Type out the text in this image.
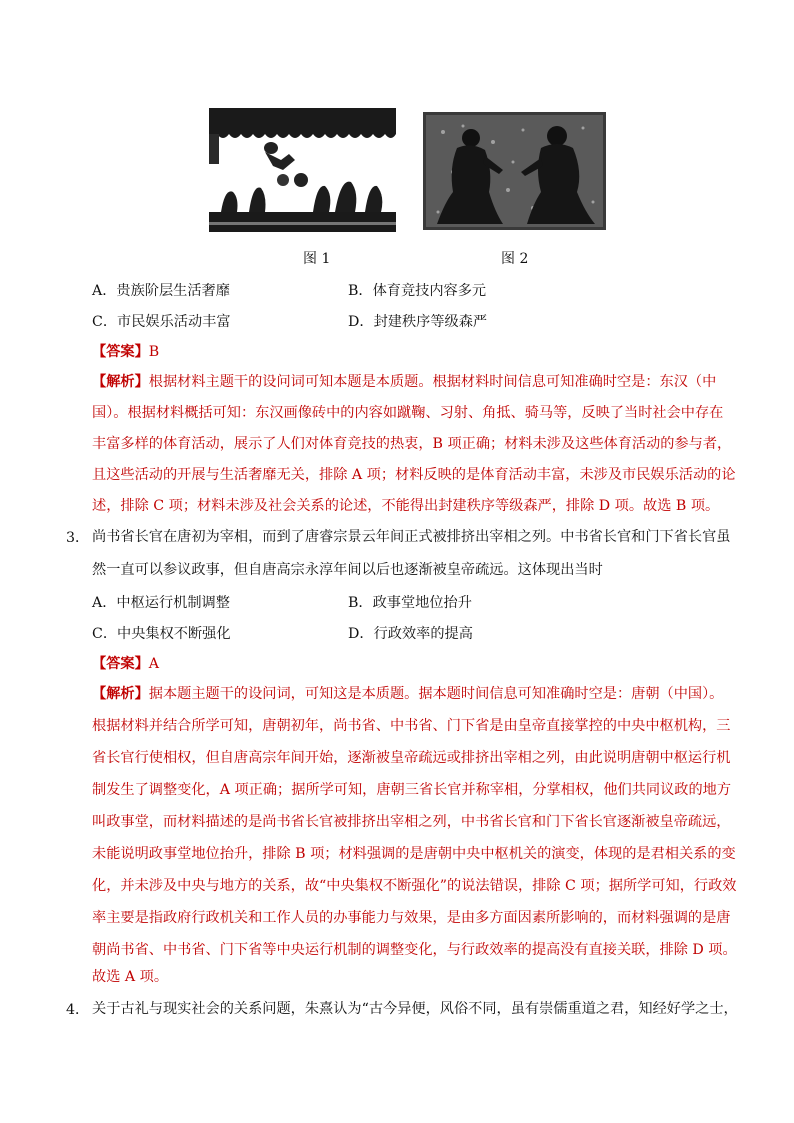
图 1	图 2
A．贵族阶层生活奢靡	B．体育竞技内容多元
C．市民娱乐活动丰富	D．封建秩序等级森严
【答案】B
【解析】根据材料主题干的设问词可知本题是本质题。根据材料时间信息可知准确时空是：东汉（中
国）。根据材料概括可知：东汉画像砖中的内容如蹴鞠、习射、角抵、骑马等，反映了当时社会中存在
丰富多样的体育活动，展示了人们对体育竞技的热衷，B 项正确；材料未涉及这些体育活动的参与者，
且这些活动的开展与生活奢靡无关，排除 A 项；材料反映的是体育活动丰富，未涉及市民娱乐活动的论
述，排除 C 项；材料未涉及社会关系的论述，不能得出封建秩序等级森严，排除 D 项。故选 B 项。
3． 尚书省长官在唐初为宰相，而到了唐睿宗景云年间正式被排挤出宰相之列。中书省长官和门下省长官虽
然一直可以参议政事，但自唐高宗永淳年间以后也逐渐被皇帝疏远。这体现出当时
A．中枢运行机制调整	B．政事堂地位抬升
C．中央集权不断强化	D．行政效率的提高
【答案】A
【解析】据本题主题干的设问词，可知这是本质题。据本题时间信息可知准确时空是：唐朝（中国）。
根据材料并结合所学可知，唐朝初年，尚书省、中书省、门下省是由皇帝直接掌控的中央中枢机构，三
省长官行使相权，但自唐高宗年间开始，逐渐被皇帝疏远或排挤出宰相之列，由此说明唐朝中枢运行机
制发生了调整变化，A 项正确；据所学可知，唐朝三省长官并称宰相，分掌相权，他们共同议政的地方
叫政事堂，而材料描述的是尚书省长官被排挤出宰相之列，中书省长官和门下省长官逐渐被皇帝疏远，
未能说明政事堂地位抬升，排除 B 项；材料强调的是唐朝中央中枢机关的演变，体现的是君相关系的变
化，并未涉及中央与地方的关系，故“中央集权不断强化”的说法错误，排除 C 项；据所学可知，行政效
率主要是指政府行政机关和工作人员的办事能力与效果，是由多方面因素所影响的，而材料强调的是唐
朝尚书省、中书省、门下省等中央运行机制的调整变化，与行政效率的提高没有直接关联，排除 D 项。
故选 A 项。
4． 关于古礼与现实社会的关系问题，朱熹认为“古今异便，风俗不同，虽有崇儒重道之君，知经好学之士，
